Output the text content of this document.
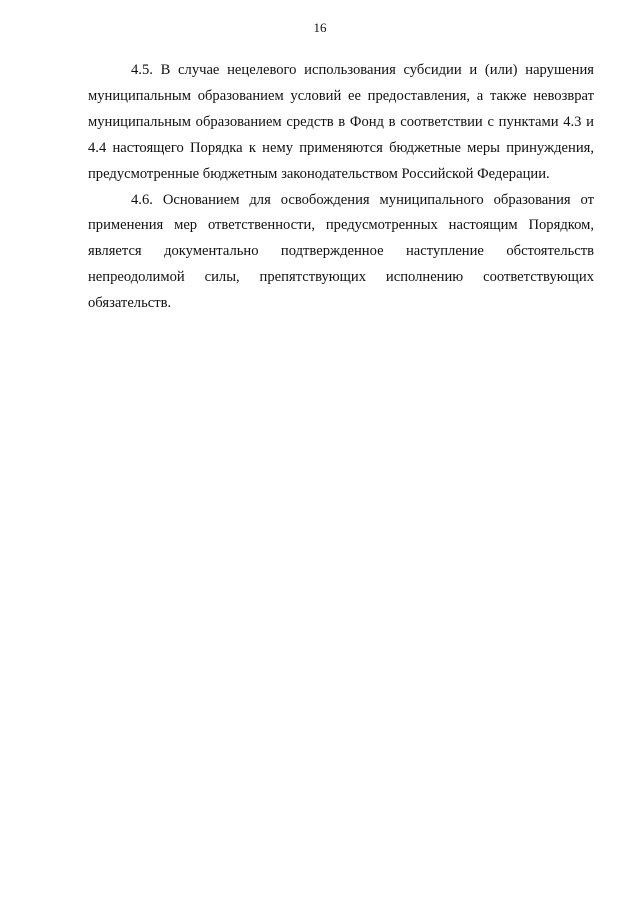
16

4.5. В случае нецелевого использования субсидии и (или) нарушения муниципальным образованием условий ее предоставления, а также невозврат муниципальным образованием средств в Фонд в соответствии с пунктами 4.3 и 4.4 настоящего Порядка к нему применяются бюджетные меры принуждения, предусмотренные бюджетным законодательством Российской Федерации.

4.6. Основанием для освобождения муниципального образования от применения мер ответственности, предусмотренных настоящим Порядком, является документально подтвержденное наступление обстоятельств непреодолимой силы, препятствующих исполнению соответствующих обязательств.
